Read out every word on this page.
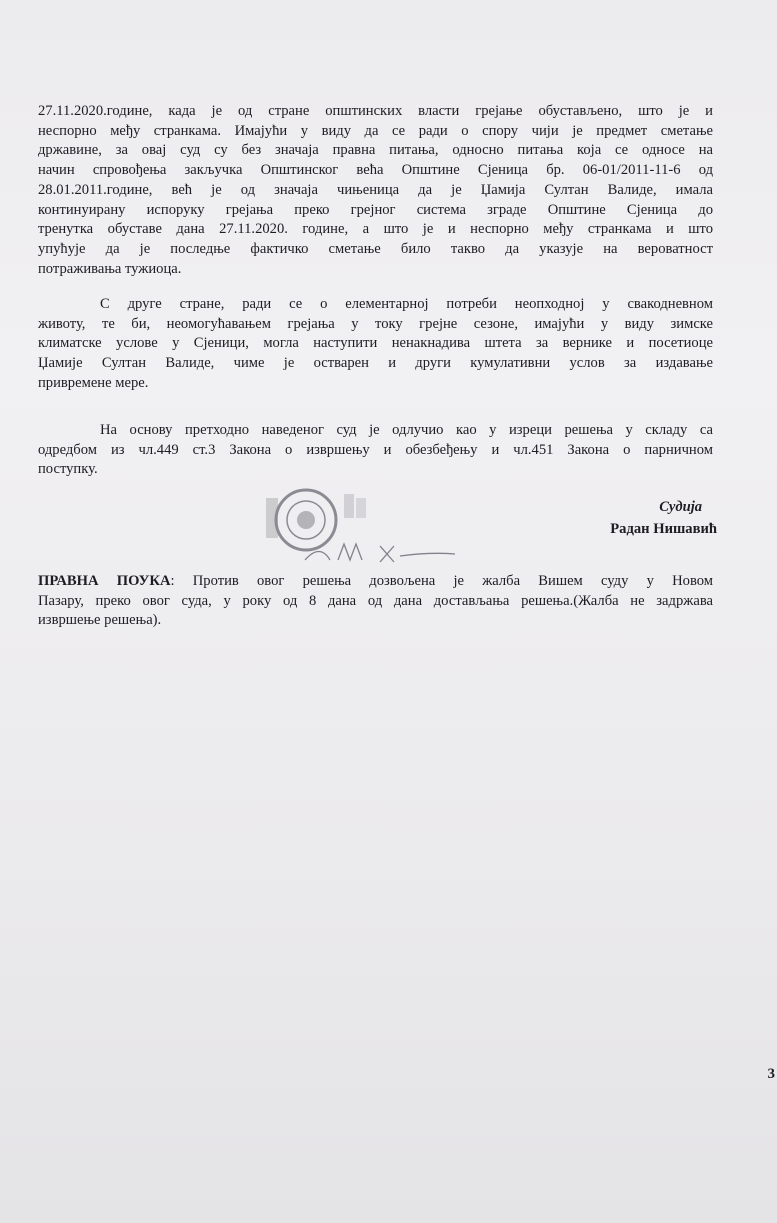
27.11.2020.године, када је од стране општинских власти грејање обустављено, што је и
неспорно међу странкама. Имајући у виду да се ради о спору чији је предмет сметање
државине, за овај суд су без значаја правна питања, односно питања која се односе на
начин спровођења закључка Општинског већа Општине Сјеница бр. 06-01/2011-11-6 од
28.01.2011.године, већ је од значаја чињеница да је Џамија Султан Валиде, имала
континуирану испоруку грејања преко грејног система зграде Општине Сјеница до
тренутка обуставе дана 27.11.2020. године, а што је и неспорно међу странкама и што
упућује да је последње фактичко сметање било такво да указује на вероватност
потраживања тужиоца.

С друге стране, ради се о елементарној потреби неопходној у свакодневном
животу, те би, неомогућавањем грејања у току грејне сезоне, имајући у виду зимске
климатске услове у Сјеници, могла наступити ненакнадива штета за вернике и посетиоце
Џамије Султан Валиде, чиме је остварен и други кумулативни услов за издавање
привремене мере.

На основу претходно наведеног суд је одлучио као у изреци решења у складу са
одредбом из чл.449 ст.3 Закона о извршењу и обезбеђењу и чл.451 Закона о парничном
поступку.

Судија
Радан Нишавић

ПРАВНА ПОУКА: Против овог решења дозвољена је жалба Вишем суду у Новом
Пазару, преко овог суда, у року од 8 дана од дана достављања решења.(Жалба не задржава
извршење решења).

3
